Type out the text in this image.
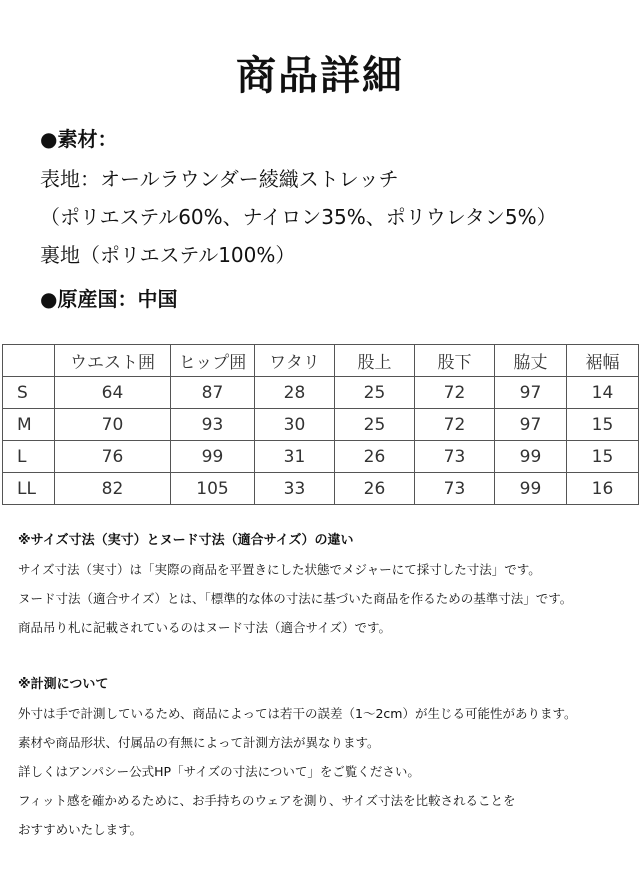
商品詳細
●素材：
表地：オールラウンダー綾織ストレッチ
（ポリエステル60%、ナイロン35%、ポリウレタン5%）
裏地（ポリエステル100%）
●原産国：中国
	ウエスト囲	ヒップ囲	ワタリ	股上	股下	脇丈	裾幅
S	64	87	28	25	72	97	14
M	70	93	30	25	72	97	15
L	76	99	31	26	73	99	15
LL	82	105	33	26	73	99	16
※サイズ寸法（実寸）とヌード寸法（適合サイズ）の違い
サイズ寸法（実寸）は「実際の商品を平置きにした状態でメジャーにて採寸した寸法」です。
ヌード寸法（適合サイズ）とは、「標準的な体の寸法に基づいた商品を作るための基準寸法」です。
商品吊り札に記載されているのはヌード寸法（適合サイズ）です。
※計測について
外寸は手で計測しているため、商品によっては若干の誤差（1〜2cm）が生じる可能性があります。
素材や商品形状、付属品の有無によって計測方法が異なります。
詳しくはアンパシー公式HP「サイズの寸法について」をご覧ください。
フィット感を確かめるために、お手持ちのウェアを測り、サイズ寸法を比較されることを
おすすめいたします。
